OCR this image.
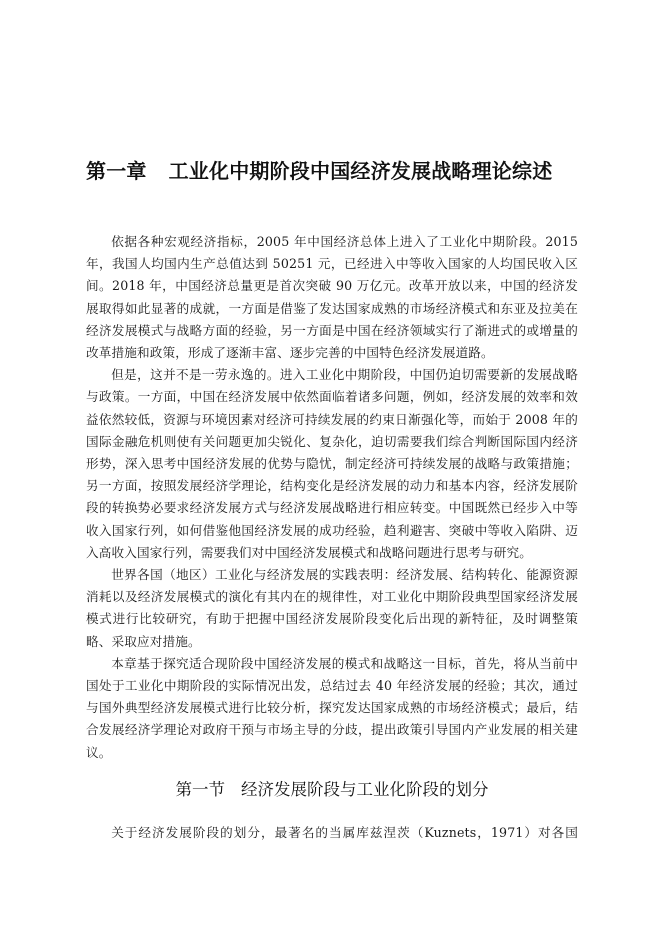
第一章 工业化中期阶段中国经济发展战略理论综述

依据各种宏观经济指标，2005 年中国经济总体上进入了工业化中期阶段。2015年，我国人均国内生产总值达到 50251 元，已经进入中等收入国家的人均国民收入区间。2018 年，中国经济总量更是首次突破 90 万亿元。改革开放以来，中国的经济发展取得如此显著的成就，一方面是借鉴了发达国家成熟的市场经济模式和东亚及拉美在经济发展模式与战略方面的经验，另一方面是中国在经济领域实行了渐进式的或增量的改革措施和政策，形成了逐渐丰富、逐步完善的中国特色经济发展道路。

但是，这并不是一劳永逸的。进入工业化中期阶段，中国仍迫切需要新的发展战略与政策。一方面，中国在经济发展中依然面临着诸多问题，例如，经济发展的效率和效益依然较低，资源与环境因素对经济可持续发展的约束日渐强化等，而始于 2008 年的国际金融危机则使有关问题更加尖锐化、复杂化，迫切需要我们综合判断国际国内经济形势，深入思考中国经济发展的优势与隐忧，制定经济可持续发展的战略与政策措施；另一方面，按照发展经济学理论，结构变化是经济发展的动力和基本内容，经济发展阶段的转换势必要求经济发展方式与经济发展战略进行相应转变。中国既然已经步入中等收入国家行列，如何借鉴他国经济发展的成功经验，趋利避害、突破中等收入陷阱、迈入高收入国家行列，需要我们对中国经济发展模式和战略问题进行思考与研究。

世界各国（地区）工业化与经济发展的实践表明：经济发展、结构转化、能源资源消耗以及经济发展模式的演化有其内在的规律性，对工业化中期阶段典型国家经济发展模式进行比较研究，有助于把握中国经济发展阶段变化后出现的新特征，及时调整策略、采取应对措施。

本章基于探究适合现阶段中国经济发展的模式和战略这一目标，首先，将从当前中国处于工业化中期阶段的实际情况出发，总结过去 40 年经济发展的经验；其次，通过与国外典型经济发展模式进行比较分析，探究发达国家成熟的市场经济模式；最后，结合发展经济学理论对政府干预与市场主导的分歧，提出政策引导国内产业发展的相关建议。

第一节 经济发展阶段与工业化阶段的划分

关于经济发展阶段的划分，最著名的当属库兹涅茨（Kuznets，1971）对各国
